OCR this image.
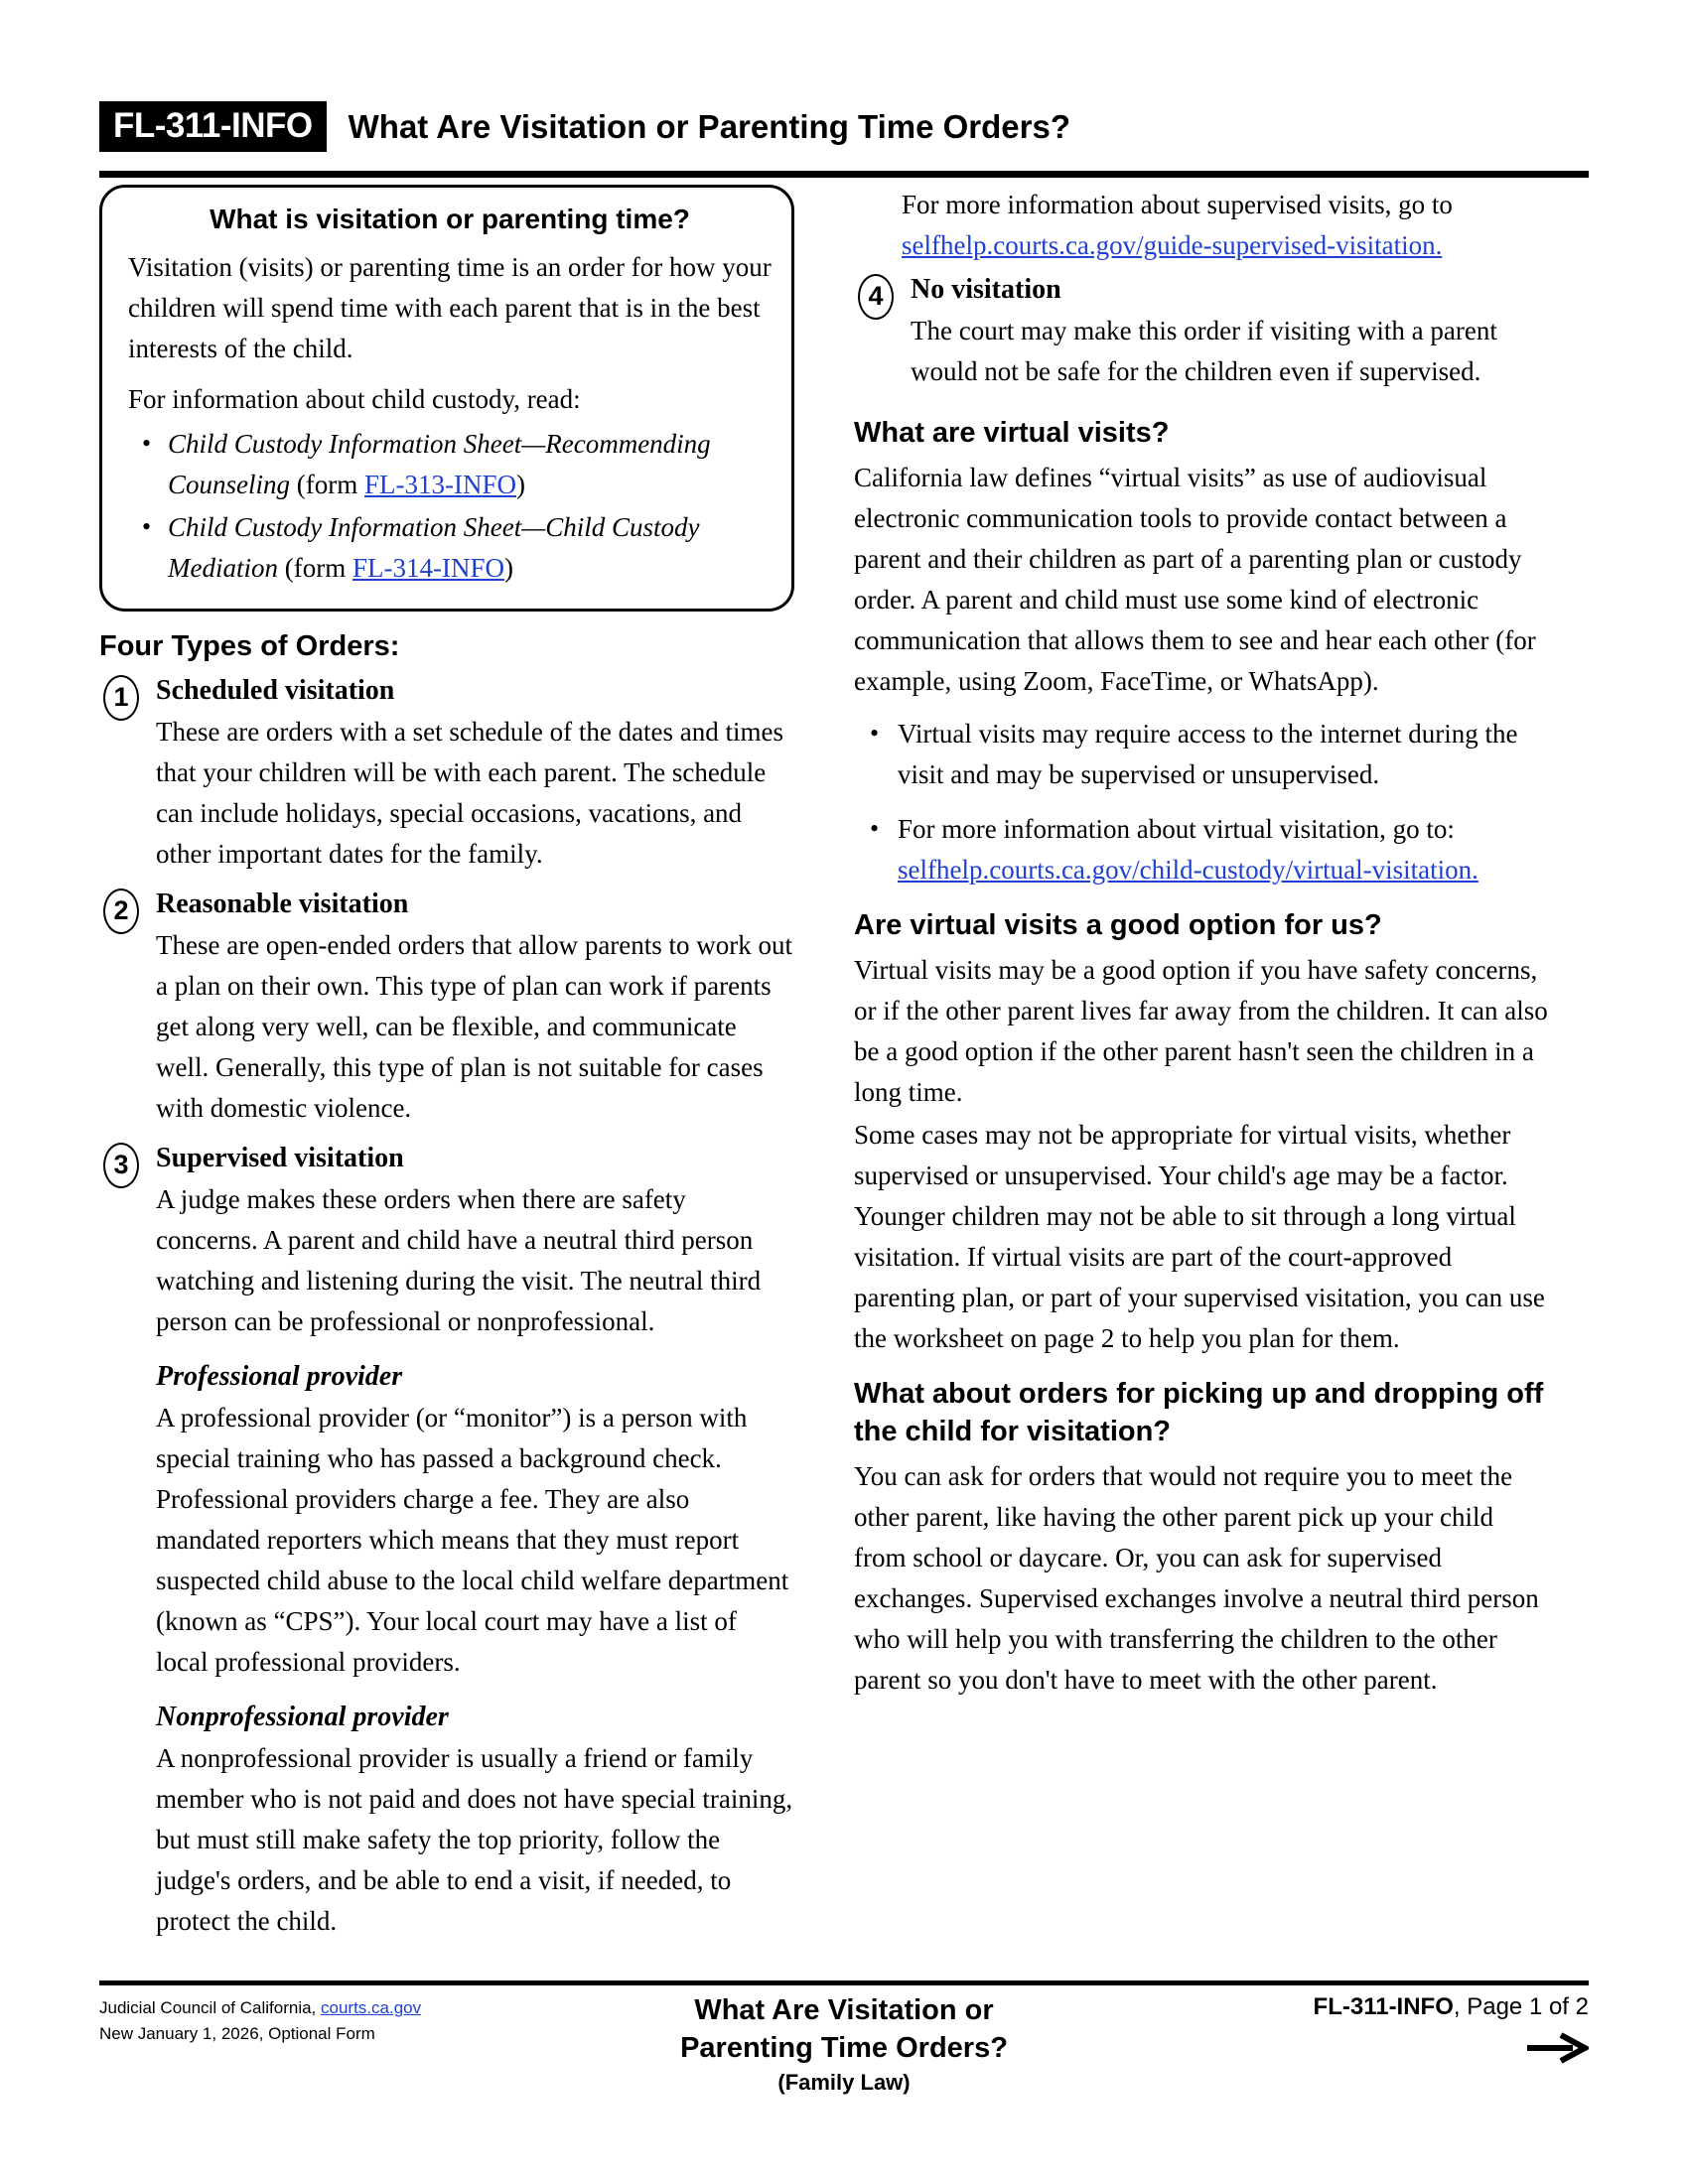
FL-311-INFO	What Are Visitation or Parenting Time Orders?
What is visitation or parenting time?

Visitation (visits) or parenting time is an order for how your children will spend time with each parent that is in the best interests of the child.

For information about child custody, read:

• Child Custody Information Sheet—Recommending Counseling (form FL-313-INFO)
• Child Custody Information Sheet—Child Custody Mediation (form FL-314-INFO)
Four Types of Orders:
1 Scheduled visitation

These are orders with a set schedule of the dates and times that your children will be with each parent. The schedule can include holidays, special occasions, vacations, and other important dates for the family.

2 Reasonable visitation

These are open-ended orders that allow parents to work out a plan on their own. This type of plan can work if parents get along very well, can be flexible, and communicate well. Generally, this type of plan is not suitable for cases with domestic violence.

3 Supervised visitation

A judge makes these orders when there are safety concerns. A parent and child have a neutral third person watching and listening during the visit. The neutral third person can be professional or nonprofessional.

Professional provider

A professional provider (or “monitor”) is a person with special training who has passed a background check. Professional providers charge a fee. They are also mandated reporters which means that they must report suspected child abuse to the local child welfare department (known as “CPS”). Your local court may have a list of local professional providers.

Nonprofessional provider

A nonprofessional provider is usually a friend or family member who is not paid and does not have special training, but must still make safety the top priority, follow the judge's orders, and be able to end a visit, if needed, to protect the child.

For more information about supervised visits, go to selfhelp.courts.ca.gov/guide-supervised-visitation.

4 No visitation

The court may make this order if visiting with a parent would not be safe for the children even if supervised.

What are virtual visits?

California law defines “virtual visits” as use of audiovisual electronic communication tools to provide contact between a parent and their children as part of a parenting plan or custody order. A parent and child must use some kind of electronic communication that allows them to see and hear each other (for example, using Zoom, FaceTime, or WhatsApp).

• Virtual visits may require access to the internet during the visit and may be supervised or unsupervised.
• For more information about virtual visitation, go to: selfhelp.courts.ca.gov/child-custody/virtual-visitation.
Are virtual visits a good option for us?

Virtual visits may be a good option if you have safety concerns, or if the other parent lives far away from the children. It can also be a good option if the other parent hasn't seen the children in a long time.

Some cases may not be appropriate for virtual visits, whether supervised or unsupervised. Your child's age may be a factor. Younger children may not be able to sit through a long virtual visitation. If virtual visits are part of the court-approved parenting plan, or part of your supervised visitation, you can use the worksheet on page 2 to help you plan for them.

What about orders for picking up and dropping off the child for visitation?

You can ask for orders that would not require you to meet the other parent, like having the other parent pick up your child from school or daycare. Or, you can ask for supervised exchanges. Supervised exchanges involve a neutral third person who will help you with transferring the children to the other parent so you don't have to meet with the other parent.

Judicial Council of California, courts.ca.gov
New January 1, 2026, Optional Form
What Are Visitation or
Parenting Time Orders?
(Family Law)
FL-311-INFO, Page 1 of 2
